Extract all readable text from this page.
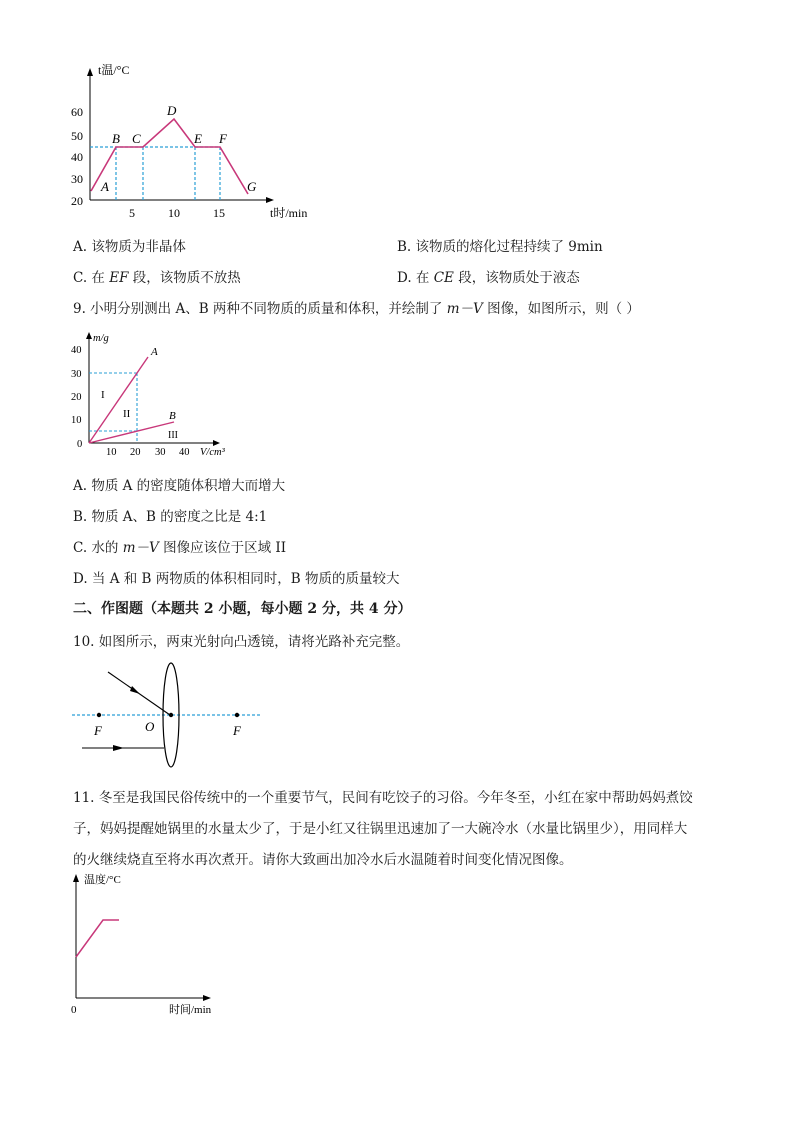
t温/°C
t时/min
60
50
40
30
20
5	10	15
A
B C
D
E F
G
A. 该物质为非晶体	B. 该物质的熔化过程持续了 9min
C. 在 EF 段，该物质不放热	D. 在 CE 段，该物质处于液态
9. 小明分别测出 A、B 两种不同物质的质量和体积，并绘制了 m－V 图像，如图所示，则（ ）
m/g
V/cm³
40
30
20
10
0
10 20 30 40
A
B
I
II
III
A. 物质 A 的密度随体积增大而增大
B. 物质 A、B 的密度之比是 4:1
C. 水的 m－V 图像应该位于区域 II
D. 当 A 和 B 两物质的体积相同时，B 物质的质量较大
二、作图题（本题共 2 小题，每小题 2 分，共 4 分）
10. 如图所示，两束光射向凸透镜，请将光路补充完整。
F	O	F
11. 冬至是我国民俗传统中的一个重要节气，民间有吃饺子的习俗。今年冬至，小红在家中帮助妈妈煮饺
子，妈妈提醒她锅里的水量太少了，于是小红又往锅里迅速加了一大碗冷水（水量比锅里少），用同样大
的火继续烧直至将水再次煮开。请你大致画出加冷水后水温随着时间变化情况图像。
温度/°C
时间/min
0
